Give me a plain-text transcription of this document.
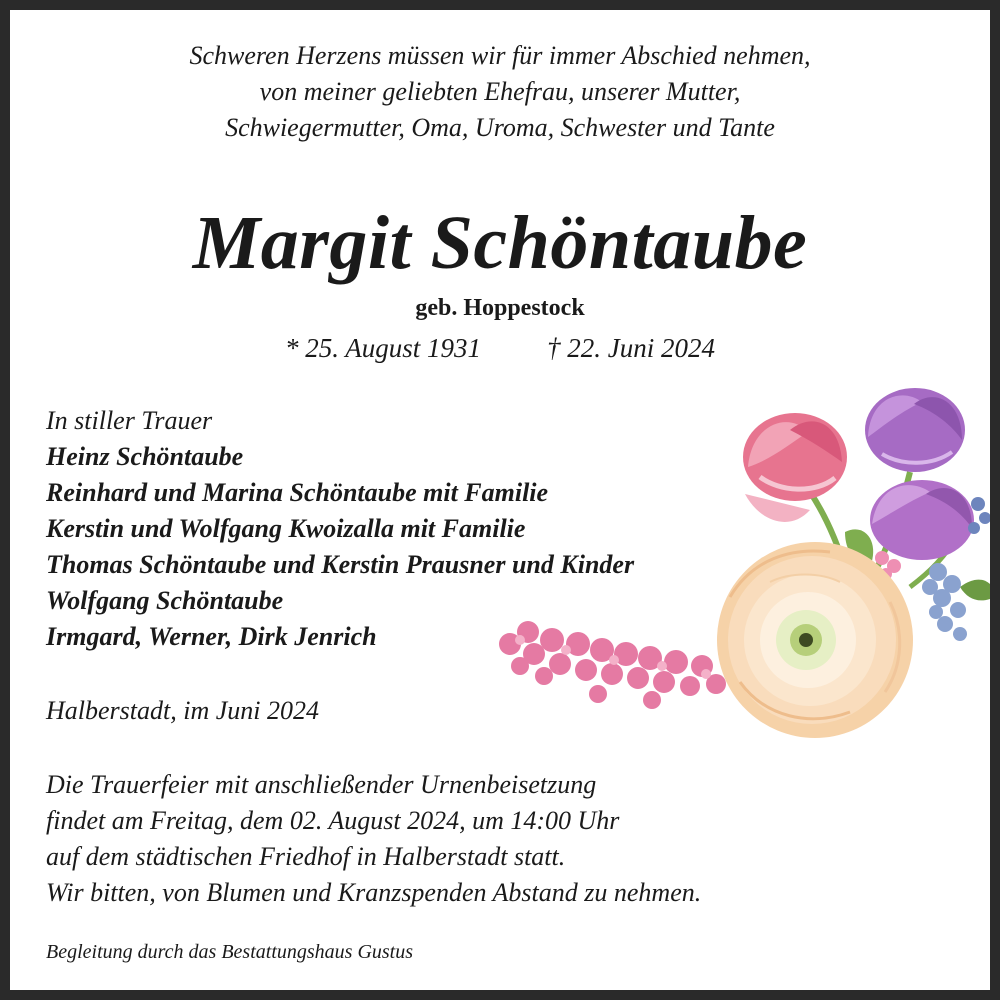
Schweren Herzens müssen wir für immer Abschied nehmen,
von meiner geliebten Ehefrau, unserer Mutter,
Schwiegermutter, Oma, Uroma, Schwester und Tante
Margit Schöntaube
geb. Hoppestock
* 25. August 1931 † 22. Juni 2024
In stiller Trauer
Heinz Schöntaube
Reinhard und Marina Schöntaube mit Familie
Kerstin und Wolfgang Kwoizalla mit Familie
Thomas Schöntaube und Kerstin Prausner und Kinder
Wolfgang Schöntaube
Irmgard, Werner, Dirk Jenrich
Halberstadt, im Juni 2024
Die Trauerfeier mit anschließender Urnenbeisetzung
findet am Freitag, dem 02. August 2024, um 14:00 Uhr
auf dem städtischen Friedhof in Halberstadt statt.
Wir bitten, von Blumen und Kranzspenden Abstand zu nehmen.
Begleitung durch das Bestattungshaus Gustus
